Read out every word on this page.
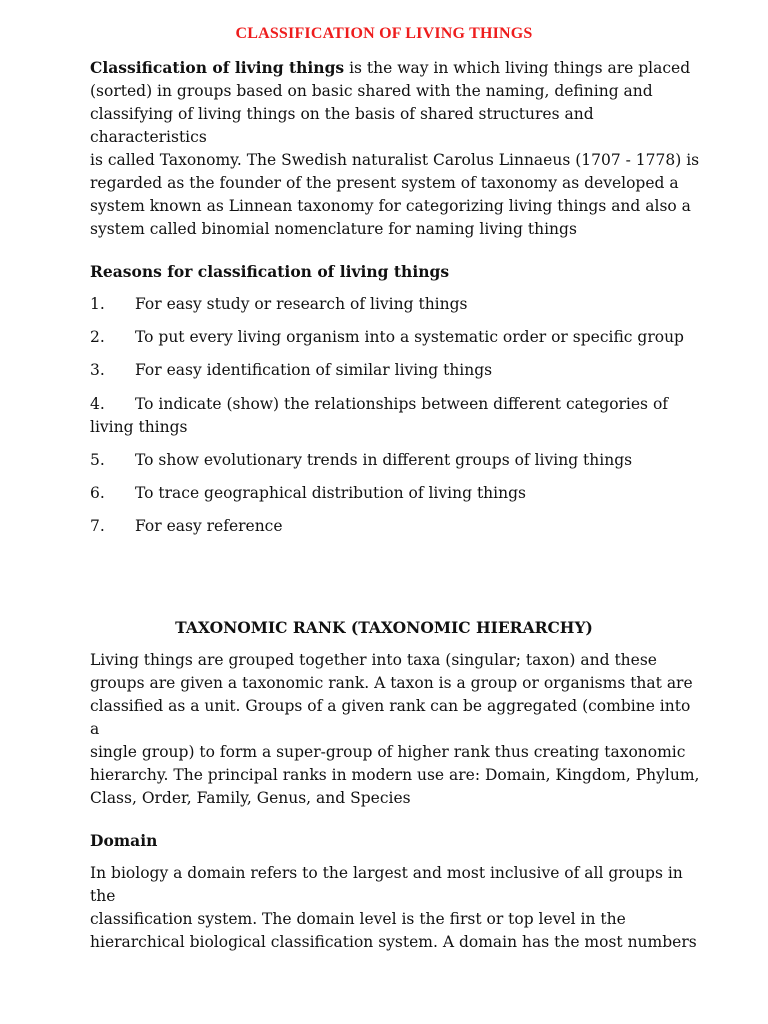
CLASSIFICATION OF LIVING THINGS
Classification of living things is the way in which living things are placed
(sorted) in groups based on basic shared with the naming, defining and
classifying of living things on the basis of shared structures and characteristics
is called Taxonomy. The Swedish naturalist Carolus Linnaeus (1707 - 1778) is
regarded as the founder of the present system of taxonomy as developed a
system known as Linnean taxonomy for categorizing living things and also a
system called binomial nomenclature for naming living things
Reasons for classification of living things
1. For easy study or research of living things
2. To put every living organism into a systematic order or specific group
3. For easy identification of similar living things
4. To indicate (show) the relationships between different categories of
living things
5. To show evolutionary trends in different groups of living things
6. To trace geographical distribution of living things
7. For easy reference
TAXONOMIC RANK (TAXONOMIC HIERARCHY)
Living things are grouped together into taxa (singular; taxon) and these
groups are given a taxonomic rank. A taxon is a group or organisms that are
classified as a unit. Groups of a given rank can be aggregated (combine into a
single group) to form a super-group of higher rank thus creating taxonomic
hierarchy. The principal ranks in modern use are: Domain, Kingdom, Phylum,
Class, Order, Family, Genus, and Species
Domain
In biology a domain refers to the largest and most inclusive of all groups in the
classification system. The domain level is the first or top level in the
hierarchical biological classification system. A domain has the most numbers
